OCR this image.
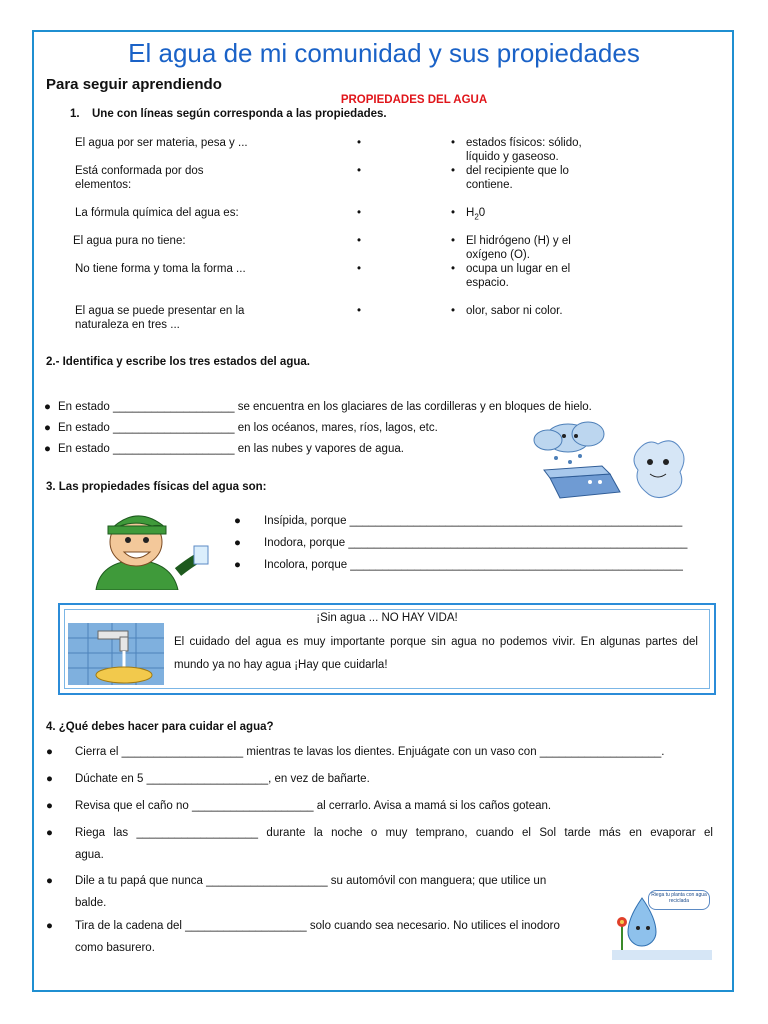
El agua de mi comunidad y sus propiedades
Para seguir aprendiendo
PROPIEDADES DEL AGUA
1. Une con líneas según corresponda a las propiedades.
El agua por ser materia, pesa y ...
Está conformada por dos
elementos:
La fórmula química del agua es:
El agua pura no tiene:
No tiene forma y toma la forma ...
El agua se puede presentar en la
naturaleza en tres ...
•
•
•
•
•
•
•
•
•
•
•
•
estados físicos: sólido,
líquido y gaseoso.
del recipiente que lo
contiene.
$H_20$
El hidrógeno (H) y el
oxígeno (O).
ocupa un lugar en el
espacio.
olor, sabor ni color.
2.- Identifica y escribe los tres estados del agua.
● En estado ___________________ se encuentra en los glaciares de las cordilleras y en bloques de hielo.
● En estado ___________________ en los océanos, mares, ríos, lagos, etc.
● En estado ___________________ en las nubes y vapores de agua.
3. Las propiedades físicas del agua son:
● Insípida, porque ____________________________________________________
● Inodora, porque _____________________________________________________
● Incolora, porque ____________________________________________________
¡Sin agua ... NO HAY VIDA!
El cuidado del agua es muy importante porque sin agua no podemos vivir. En algunas partes del mundo ya no hay agua ¡Hay que cuidarla!
4. ¿Qué debes hacer para cuidar el agua?
● Cierra el ___________________ mientras te lavas los dientes. Enjuágate con un vaso con ___________________.
● Dúchate en 5 ___________________, en vez de bañarte.
● Revisa que el caño no ___________________ al cerrarlo. Avisa a mamá si los caños gotean.
● Riega las ___________________ durante la noche o muy temprano, cuando el Sol tarde más en evaporar el
agua.
● Dile a tu papá que nunca ___________________ su automóvil con manguera; que utilice un
balde.
● Tira de la cadena del ___________________ solo cuando sea necesario. No utilices el inodoro
como basurero.
Riega tu planta con agua reciclada
